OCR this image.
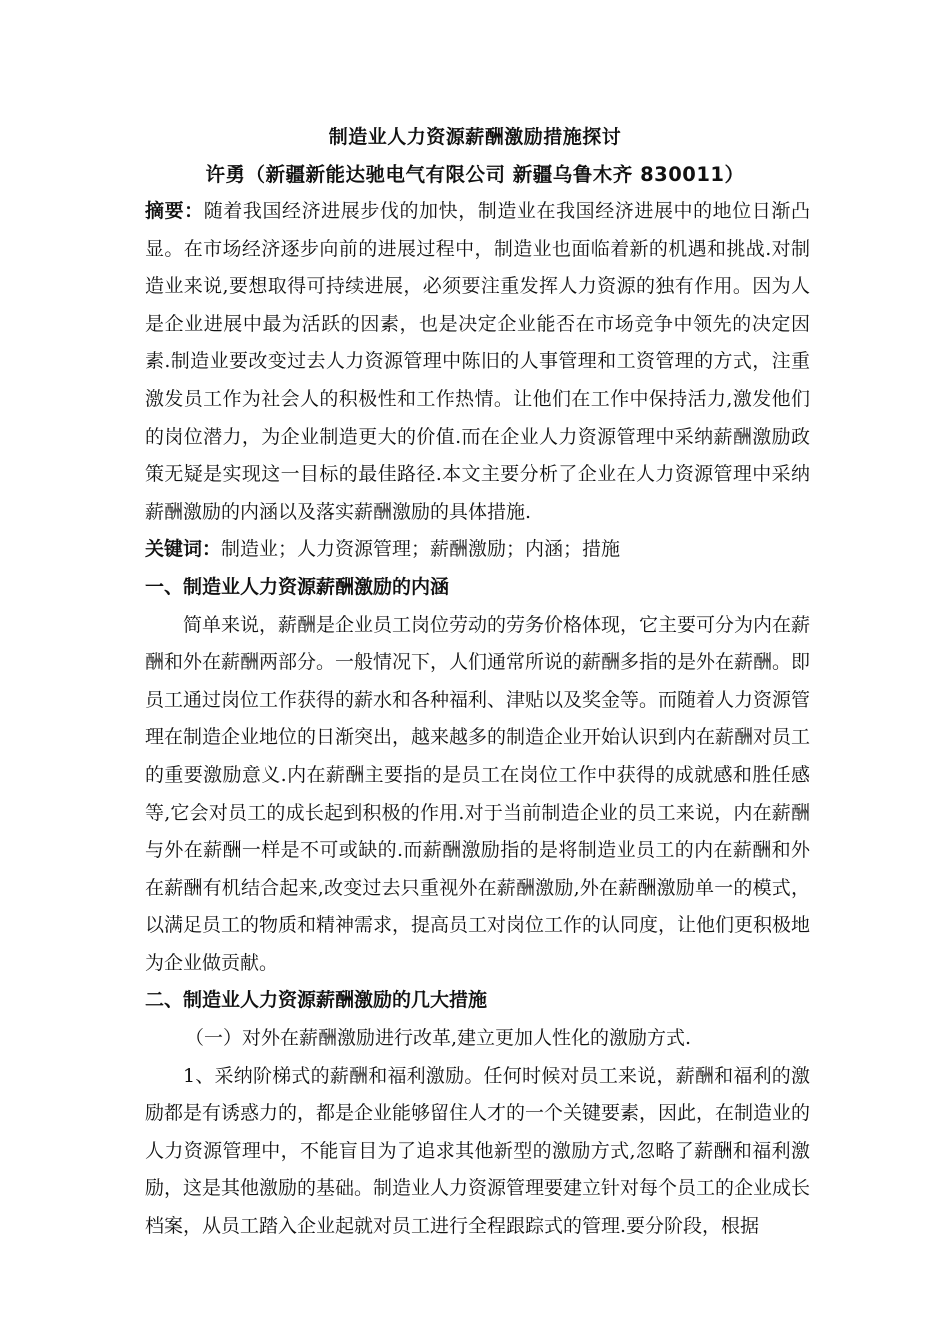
制造业人力资源薪酬激励措施探讨
许勇（新疆新能达驰电气有限公司 新疆乌鲁木齐 830011）

摘要：随着我国经济进展步伐的加快，制造业在我国经济进展中的地位日渐凸显。在市场经济逐步向前的进展过程中，制造业也面临着新的机遇和挑战.对制造业来说,要想取得可持续进展，必须要注重发挥人力资源的独有作用。因为人是企业进展中最为活跃的因素，也是决定企业能否在市场竞争中领先的决定因素.制造业要改变过去人力资源管理中陈旧的人事管理和工资管理的方式，注重激发员工作为社会人的积极性和工作热情。让他们在工作中保持活力,激发他们的岗位潜力，为企业制造更大的价值.而在企业人力资源管理中采纳薪酬激励政策无疑是实现这一目标的最佳路径.本文主要分析了企业在人力资源管理中采纳薪酬激励的内涵以及落实薪酬激励的具体措施.

关键词：制造业；人力资源管理；薪酬激励；内涵；措施

一、制造业人力资源薪酬激励的内涵

简单来说，薪酬是企业员工岗位劳动的劳务价格体现，它主要可分为内在薪酬和外在薪酬两部分。一般情况下，人们通常所说的薪酬多指的是外在薪酬。即员工通过岗位工作获得的薪水和各种福利、津贴以及奖金等。而随着人力资源管理在制造企业地位的日渐突出，越来越多的制造企业开始认识到内在薪酬对员工的重要激励意义.内在薪酬主要指的是员工在岗位工作中获得的成就感和胜任感等,它会对员工的成长起到积极的作用.对于当前制造企业的员工来说，内在薪酬与外在薪酬一样是不可或缺的.而薪酬激励指的是将制造业员工的内在薪酬和外在薪酬有机结合起来,改变过去只重视外在薪酬激励,外在薪酬激励单一的模式，以满足员工的物质和精神需求，提高员工对岗位工作的认同度，让他们更积极地为企业做贡献。

二、制造业人力资源薪酬激励的几大措施

（一）对外在薪酬激励进行改革,建立更加人性化的激励方式.

1、采纳阶梯式的薪酬和福利激励。任何时候对员工来说，薪酬和福利的激励都是有诱惑力的，都是企业能够留住人才的一个关键要素，因此，在制造业的人力资源管理中，不能盲目为了追求其他新型的激励方式,忽略了薪酬和福利激励，这是其他激励的基础。制造业人力资源管理要建立针对每个员工的企业成长档案，从员工踏入企业起就对员工进行全程跟踪式的管理.要分阶段，根据
